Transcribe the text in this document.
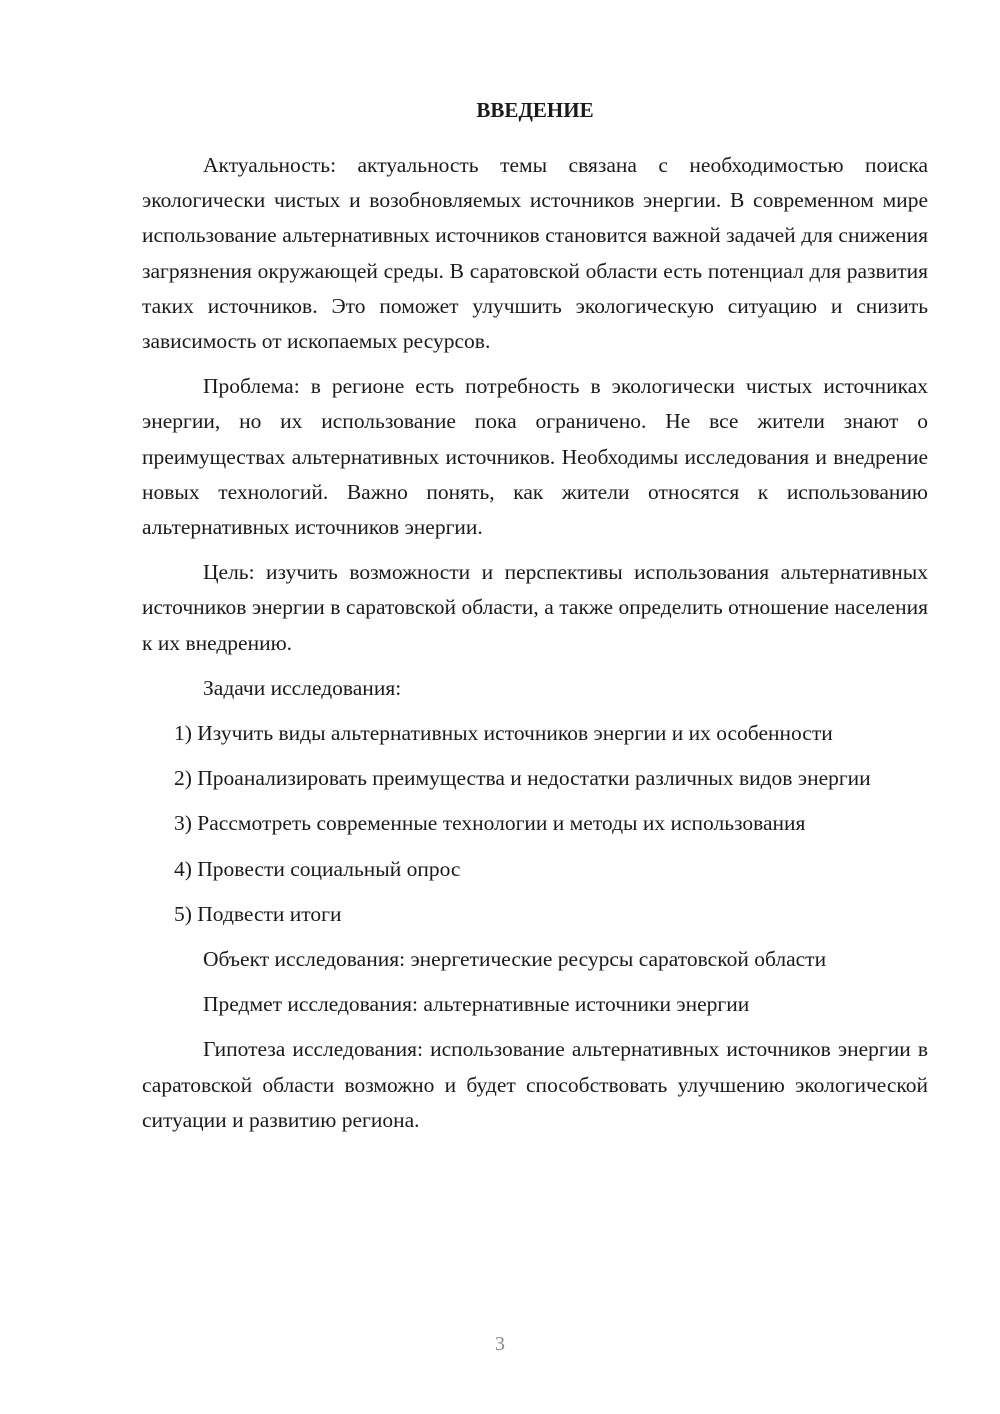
ВВЕДЕНИЕ
Актуальность: актуальность темы связана с необходимостью поиска экологически чистых и возобновляемых источников энергии. В современном мире использование альтернативных источников становится важной задачей для снижения загрязнения окружающей среды. В саратовской области есть потенциал для развития таких источников. Это поможет улучшить экологическую ситуацию и снизить зависимость от ископаемых ресурсов.
Проблема: в регионе есть потребность в экологически чистых источниках энергии, но их использование пока ограничено. Не все жители знают о преимуществах альтернативных источников. Необходимы исследования и внедрение новых технологий. Важно понять, как жители относятся к использованию альтернативных источников энергии.
Цель: изучить возможности и перспективы использования альтернативных источников энергии в саратовской области, а также определить отношение населения к их внедрению.
Задачи исследования:
1) Изучить виды альтернативных источников энергии и их особенности
2) Проанализировать преимущества и недостатки различных видов энергии
3) Рассмотреть современные технологии и методы их использования
4) Провести социальный опрос
5) Подвести итоги
Объект исследования: энергетические ресурсы саратовской области
Предмет исследования: альтернативные источники энергии
Гипотеза исследования: использование альтернативных источников энергии в саратовской области возможно и будет способствовать улучшению экологической ситуации и развитию региона.
3
